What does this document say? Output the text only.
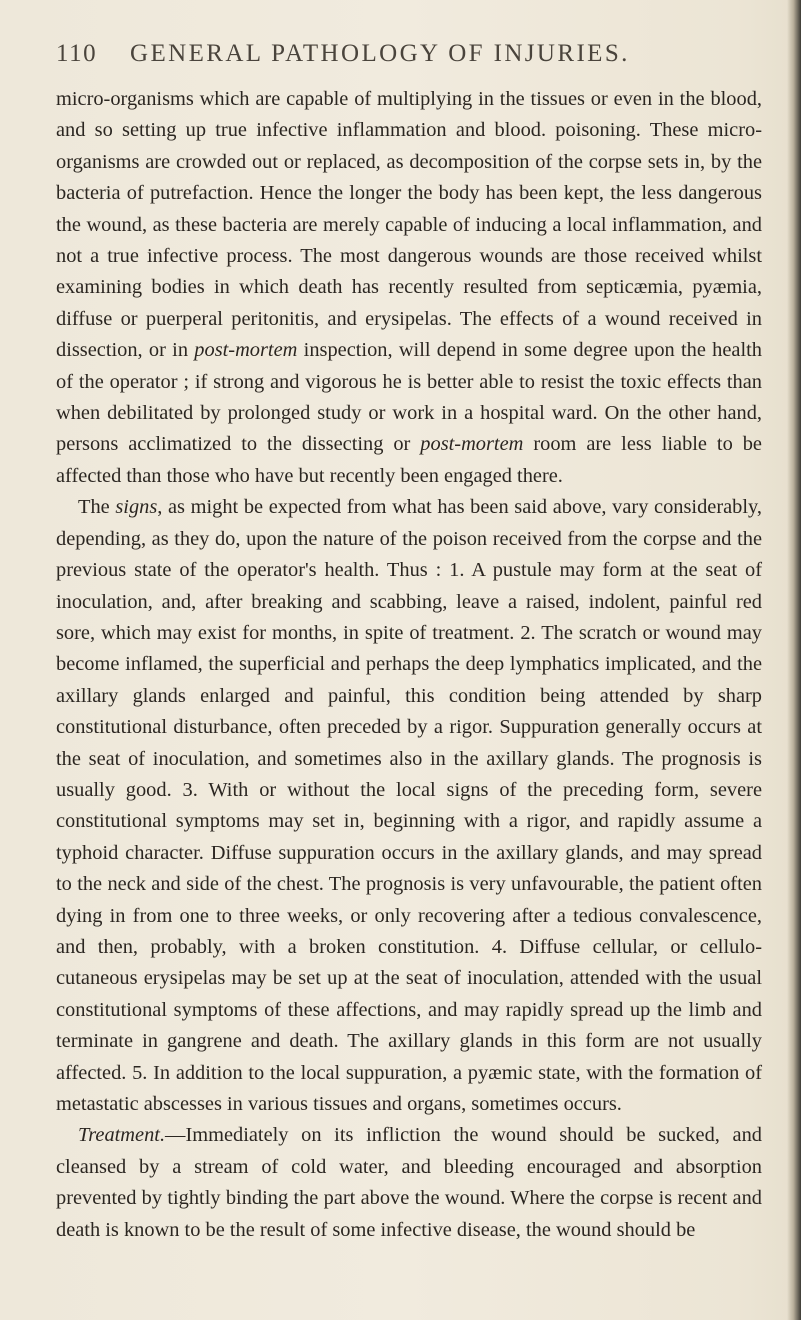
110 GENERAL PATHOLOGY OF INJURIES.

micro-organisms which are capable of multiplying in the tissues or even in the blood, and so setting up true infective inflammation and blood. poisoning. These micro-organisms are crowded out or replaced, as decomposition of the corpse sets in, by the bacteria of putrefaction. Hence the longer the body has been kept, the less dangerous the wound, as these bacteria are merely capable of inducing a local inflammation, and not a true infective process. The most dangerous wounds are those received whilst examining bodies in which death has recently resulted from septicæmia, pyæmia, diffuse or puerperal peritonitis, and erysipelas. The effects of a wound received in dissection, or in post-mortem inspection, will depend in some degree upon the health of the operator ; if strong and vigorous he is better able to resist the toxic effects than when debilitated by prolonged study or work in a hospital ward. On the other hand, persons acclimatized to the dissecting or post-mortem room are less liable to be affected than those who have but recently been engaged there.

The signs, as might be expected from what has been said above, vary considerably, depending, as they do, upon the nature of the poison received from the corpse and the previous state of the operator's health. Thus : 1. A pustule may form at the seat of inoculation, and, after breaking and scabbing, leave a raised, indolent, painful red sore, which may exist for months, in spite of treatment. 2. The scratch or wound may become inflamed, the superficial and perhaps the deep lymphatics implicated, and the axillary glands enlarged and painful, this condition being attended by sharp constitutional disturbance, often preceded by a rigor. Suppuration generally occurs at the seat of inoculation, and sometimes also in the axillary glands. The prognosis is usually good. 3. With or without the local signs of the preceding form, severe constitutional symptoms may set in, beginning with a rigor, and rapidly assume a typhoid character. Diffuse suppuration occurs in the axillary glands, and may spread to the neck and side of the chest. The prognosis is very unfavourable, the patient often dying in from one to three weeks, or only recovering after a tedious convalescence, and then, probably, with a broken constitution. 4. Diffuse cellular, or cellulo-cutaneous erysipelas may be set up at the seat of inoculation, attended with the usual constitutional symptoms of these affections, and may rapidly spread up the limb and terminate in gangrene and death. The axillary glands in this form are not usually affected. 5. In addition to the local suppuration, a pyæmic state, with the formation of metastatic abscesses in various tissues and organs, sometimes occurs.

Treatment.—Immediately on its infliction the wound should be sucked, and cleansed by a stream of cold water, and bleeding encouraged and absorption prevented by tightly binding the part above the wound. Where the corpse is recent and death is known to be the result of some infective disease, the wound should be
